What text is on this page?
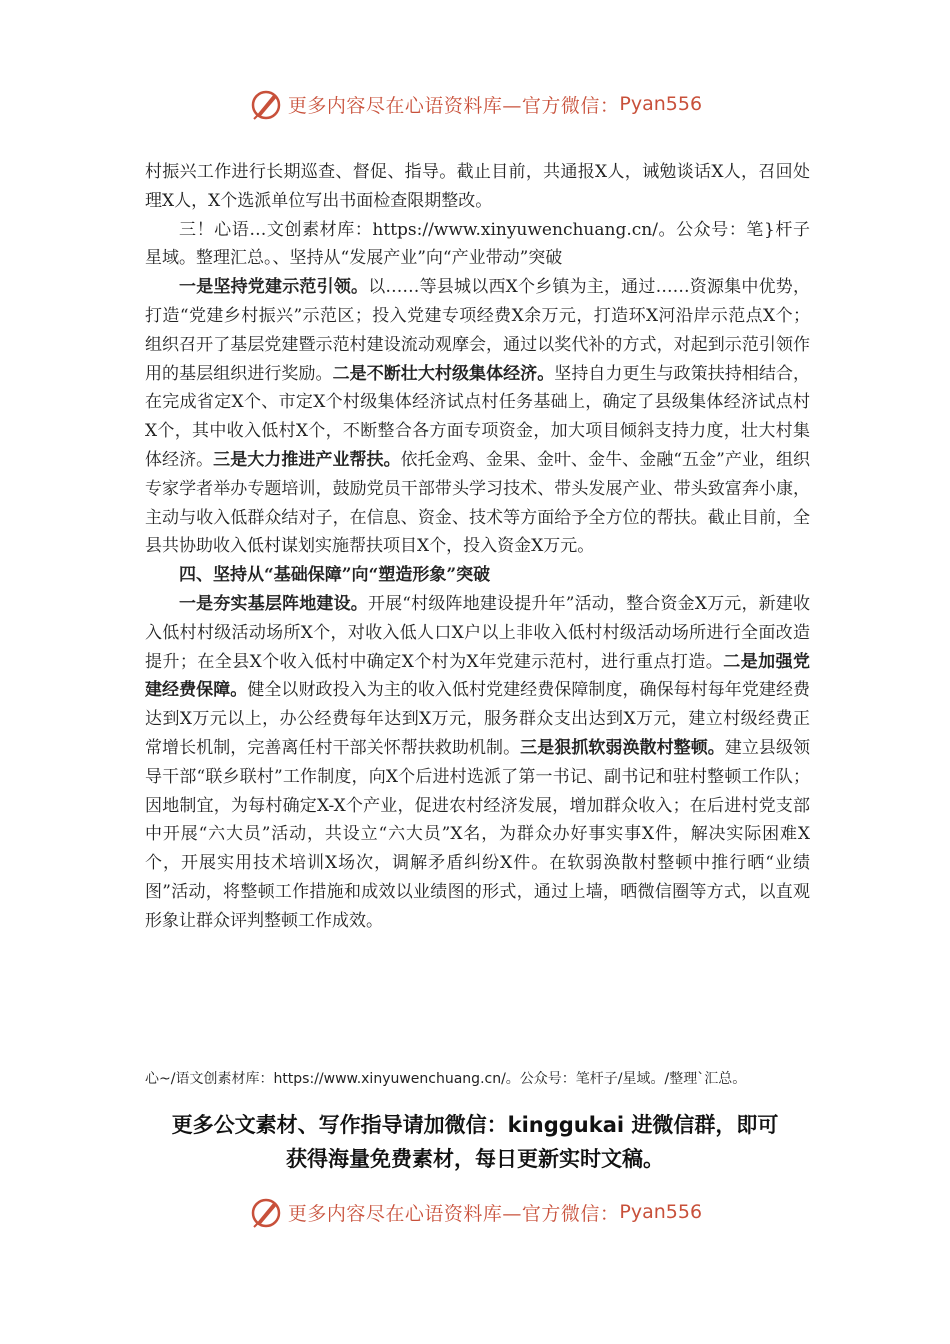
更多内容尽在心语资料库—官方微信： Pyan556

村振兴工作进行长期巡查、督促、指导。截止目前，共通报X人，诫勉谈话X人，召回处理X人，X个选派单位写出书面检查限期整改。

三！心语…文创素材库：https://www.xinyuwenchuang.cn/。公众号：笔}杆子星域。整理汇总。、坚持从“发展产业”向“产业带动”突破

一是坚持党建示范引领。以……等县城以西X个乡镇为主，通过……资源集中优势，打造“党建乡村振兴”示范区；投入党建专项经费X余万元，打造环X河沿岸示范点X个；组织召开了基层党建暨示范村建设流动观摩会，通过以奖代补的方式，对起到示范引领作用的基层组织进行奖励。二是不断壮大村级集体经济。坚持自力更生与政策扶持相结合，在完成省定X个、市定X个村级集体经济试点村任务基础上，确定了县级集体经济试点村X个，其中收入低村X个，不断整合各方面专项资金，加大项目倾斜支持力度，壮大村集体经济。三是大力推进产业帮扶。依托金鸡、金果、金叶、金牛、金融“五金”产业，组织专家学者举办专题培训，鼓励党员干部带头学习技术、带头发展产业、带头致富奔小康，主动与收入低群众结对子，在信息、资金、技术等方面给予全方位的帮扶。截止目前，全县共协助收入低村谋划实施帮扶项目X个，投入资金X万元。

四、坚持从“基础保障”向“塑造形象”突破

一是夯实基层阵地建设。开展“村级阵地建设提升年”活动，整合资金X万元，新建收入低村村级活动场所X个，对收入低人口X户以上非收入低村村级活动场所进行全面改造提升；在全县X个收入低村中确定X个村为X年党建示范村，进行重点打造。二是加强党建经费保障。健全以财政投入为主的收入低村党建经费保障制度，确保每村每年党建经费达到X万元以上，办公经费每年达到X万元，服务群众支出达到X万元，建立村级经费正常增长机制，完善离任村干部关怀帮扶救助机制。三是狠抓软弱涣散村整顿。建立县级领导干部“联乡联村”工作制度，向X个后进村选派了第一书记、副书记和驻村整顿工作队；因地制宜，为每村确定X-X个产业，促进农村经济发展，增加群众收入；在后进村党支部中开展“六大员”活动，共设立“六大员”X名，为群众办好事实事X件，解决实际困难X个，开展实用技术培训X场次，调解矛盾纠纷X件。在软弱涣散村整顿中推行晒“业绩图”活动，将整顿工作措施和成效以业绩图的形式，通过上墙，晒微信圈等方式，以直观形象让群众评判整顿工作成效。

心~/语文创素材库：https://www.xinyuwenchuang.cn/。公众号：笔杆子/星域。/整理`汇总。

更多公文素材、写作指导请加微信：kinggukai 进微信群，即可
获得海量免费素材，每日更新实时文稿。
更多内容尽在心语资料库—官方微信： Pyan556
